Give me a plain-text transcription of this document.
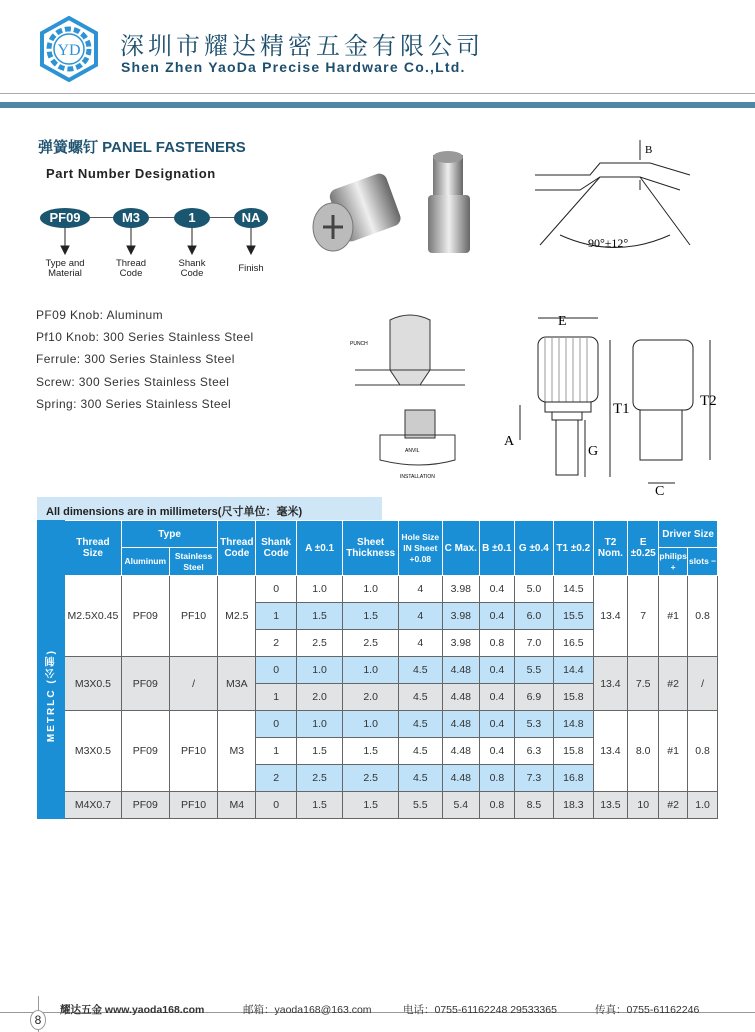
YD 深圳市耀达精密五金有限公司
Shen Zhen YaoDa Precise Hardware Co.,Ltd.
弹簧螺钉 PANEL FASTENERS
Part Number Designation
PF09	M3	1	NA
Type and Material
Thread Code
Shank Code	Finish
PF09 Knob: Aluminum
Pf10 Knob: 300 Series Stainless Steel
Ferrule: 300 Series Stainless Steel
Screw: 300 Series Stainless Steel
Spring: 300 Series Stainless Steel
B
90°±12°
PUNCH
ANVIL
INSTALLATION
E
T1	T2
A
G
C
All dimensions are in millimeters(尺寸单位：毫米)
	Thread Size	Type		Thread Code	Shank Code	A ±0.1	Sheet Thickness	Hole Size IN Sheet +0.08	C Max.	B ±0.1	G ±0.4	T1 ±0.2	T2 Nom.	E ±0.25	Driver Size	
		Aluminum	Stainless Steel												philips +	slots −
METRLC (公制)	M2.5X0.45	PF09	PF10	M2.5	0	1.0	1.0	4	3.98	0.4	5.0	14.5	13.4	7	#1	0.8
					1	1.5	1.5	4	3.98	0.4	6.0	15.5				
					2	2.5	2.5	4	3.98	0.8	7.0	16.5				
	M3X0.5	PF09	/	M3A	0	1.0	1.0	4.5	4.48	0.4	5.5	14.4	13.4	7.5	#2	/
					1	2.0	2.0	4.5	4.48	0.4	6.9	15.8				
	M3X0.5	PF09	PF10	M3	0	1.0	1.0	4.5	4.48	0.4	5.3	14.8	13.4	8.0	#1	0.8
					1	1.5	1.5	4.5	4.48	0.4	6.3	15.8				
					2	2.5	2.5	4.5	4.48	0.8	7.3	16.8				
	M4X0.7	PF09	PF10	M4	0	1.5	1.5	5.5	5.4	0.8	8.5	18.3	13.5	10	#2	1.0
8
耀达五金 www.yaoda168.com	邮箱：yaoda168@163.com	电话：0755-61162248 29533365	传真：0755-61162246
